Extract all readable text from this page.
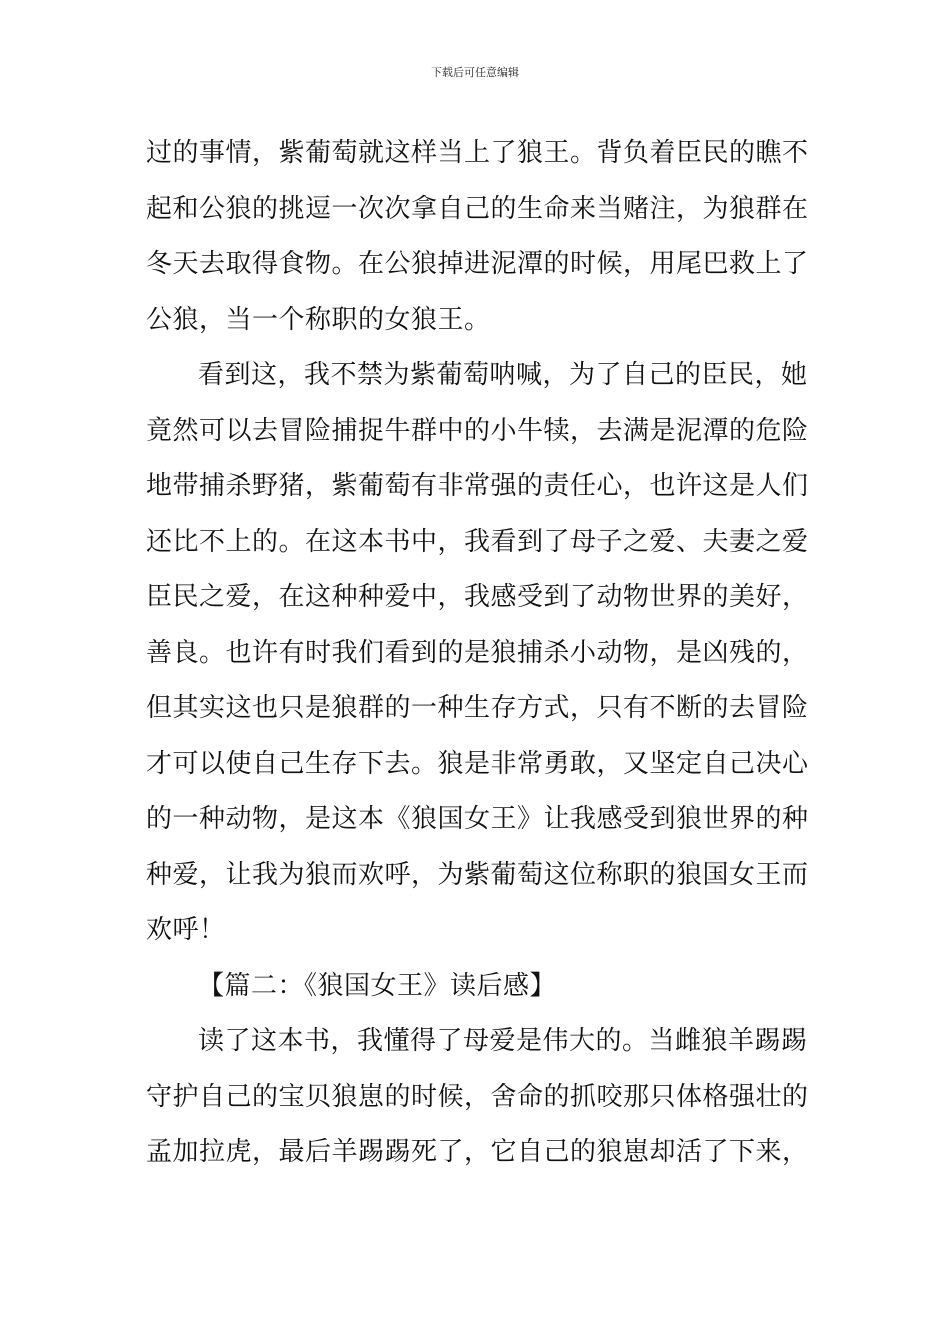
下载后可任意编辑
过的事情，紫葡萄就这样当上了狼王。背负着臣民的瞧不
起和公狼的挑逗一次次拿自己的生命来当赌注，为狼群在
冬天去取得食物。在公狼掉进泥潭的时候，用尾巴救上了
公狼，当一个称职的女狼王。
看到这，我不禁为紫葡萄呐喊，为了自己的臣民，她
竟然可以去冒险捕捉牛群中的小牛犊，去满是泥潭的危险
地带捕杀野猪，紫葡萄有非常强的责任心，也许这是人们
还比不上的。在这本书中，我看到了母子之爱、夫妻之爱
臣民之爱，在这种种爱中，我感受到了动物世界的美好，
善良。也许有时我们看到的是狼捕杀小动物，是凶残的，
但其实这也只是狼群的一种生存方式，只有不断的去冒险
才可以使自己生存下去。狼是非常勇敢，又坚定自己决心
的一种动物，是这本《狼国女王》让我感受到狼世界的种
种爱，让我为狼而欢呼，为紫葡萄这位称职的狼国女王而
欢呼！
【篇二：《狼国女王》读后感】
读了这本书，我懂得了母爱是伟大的。当雌狼羊踢踢
守护自己的宝贝狼崽的时候，舍命的抓咬那只体格强壮的
孟加拉虎，最后羊踢踢死了，它自己的狼崽却活了下来，
